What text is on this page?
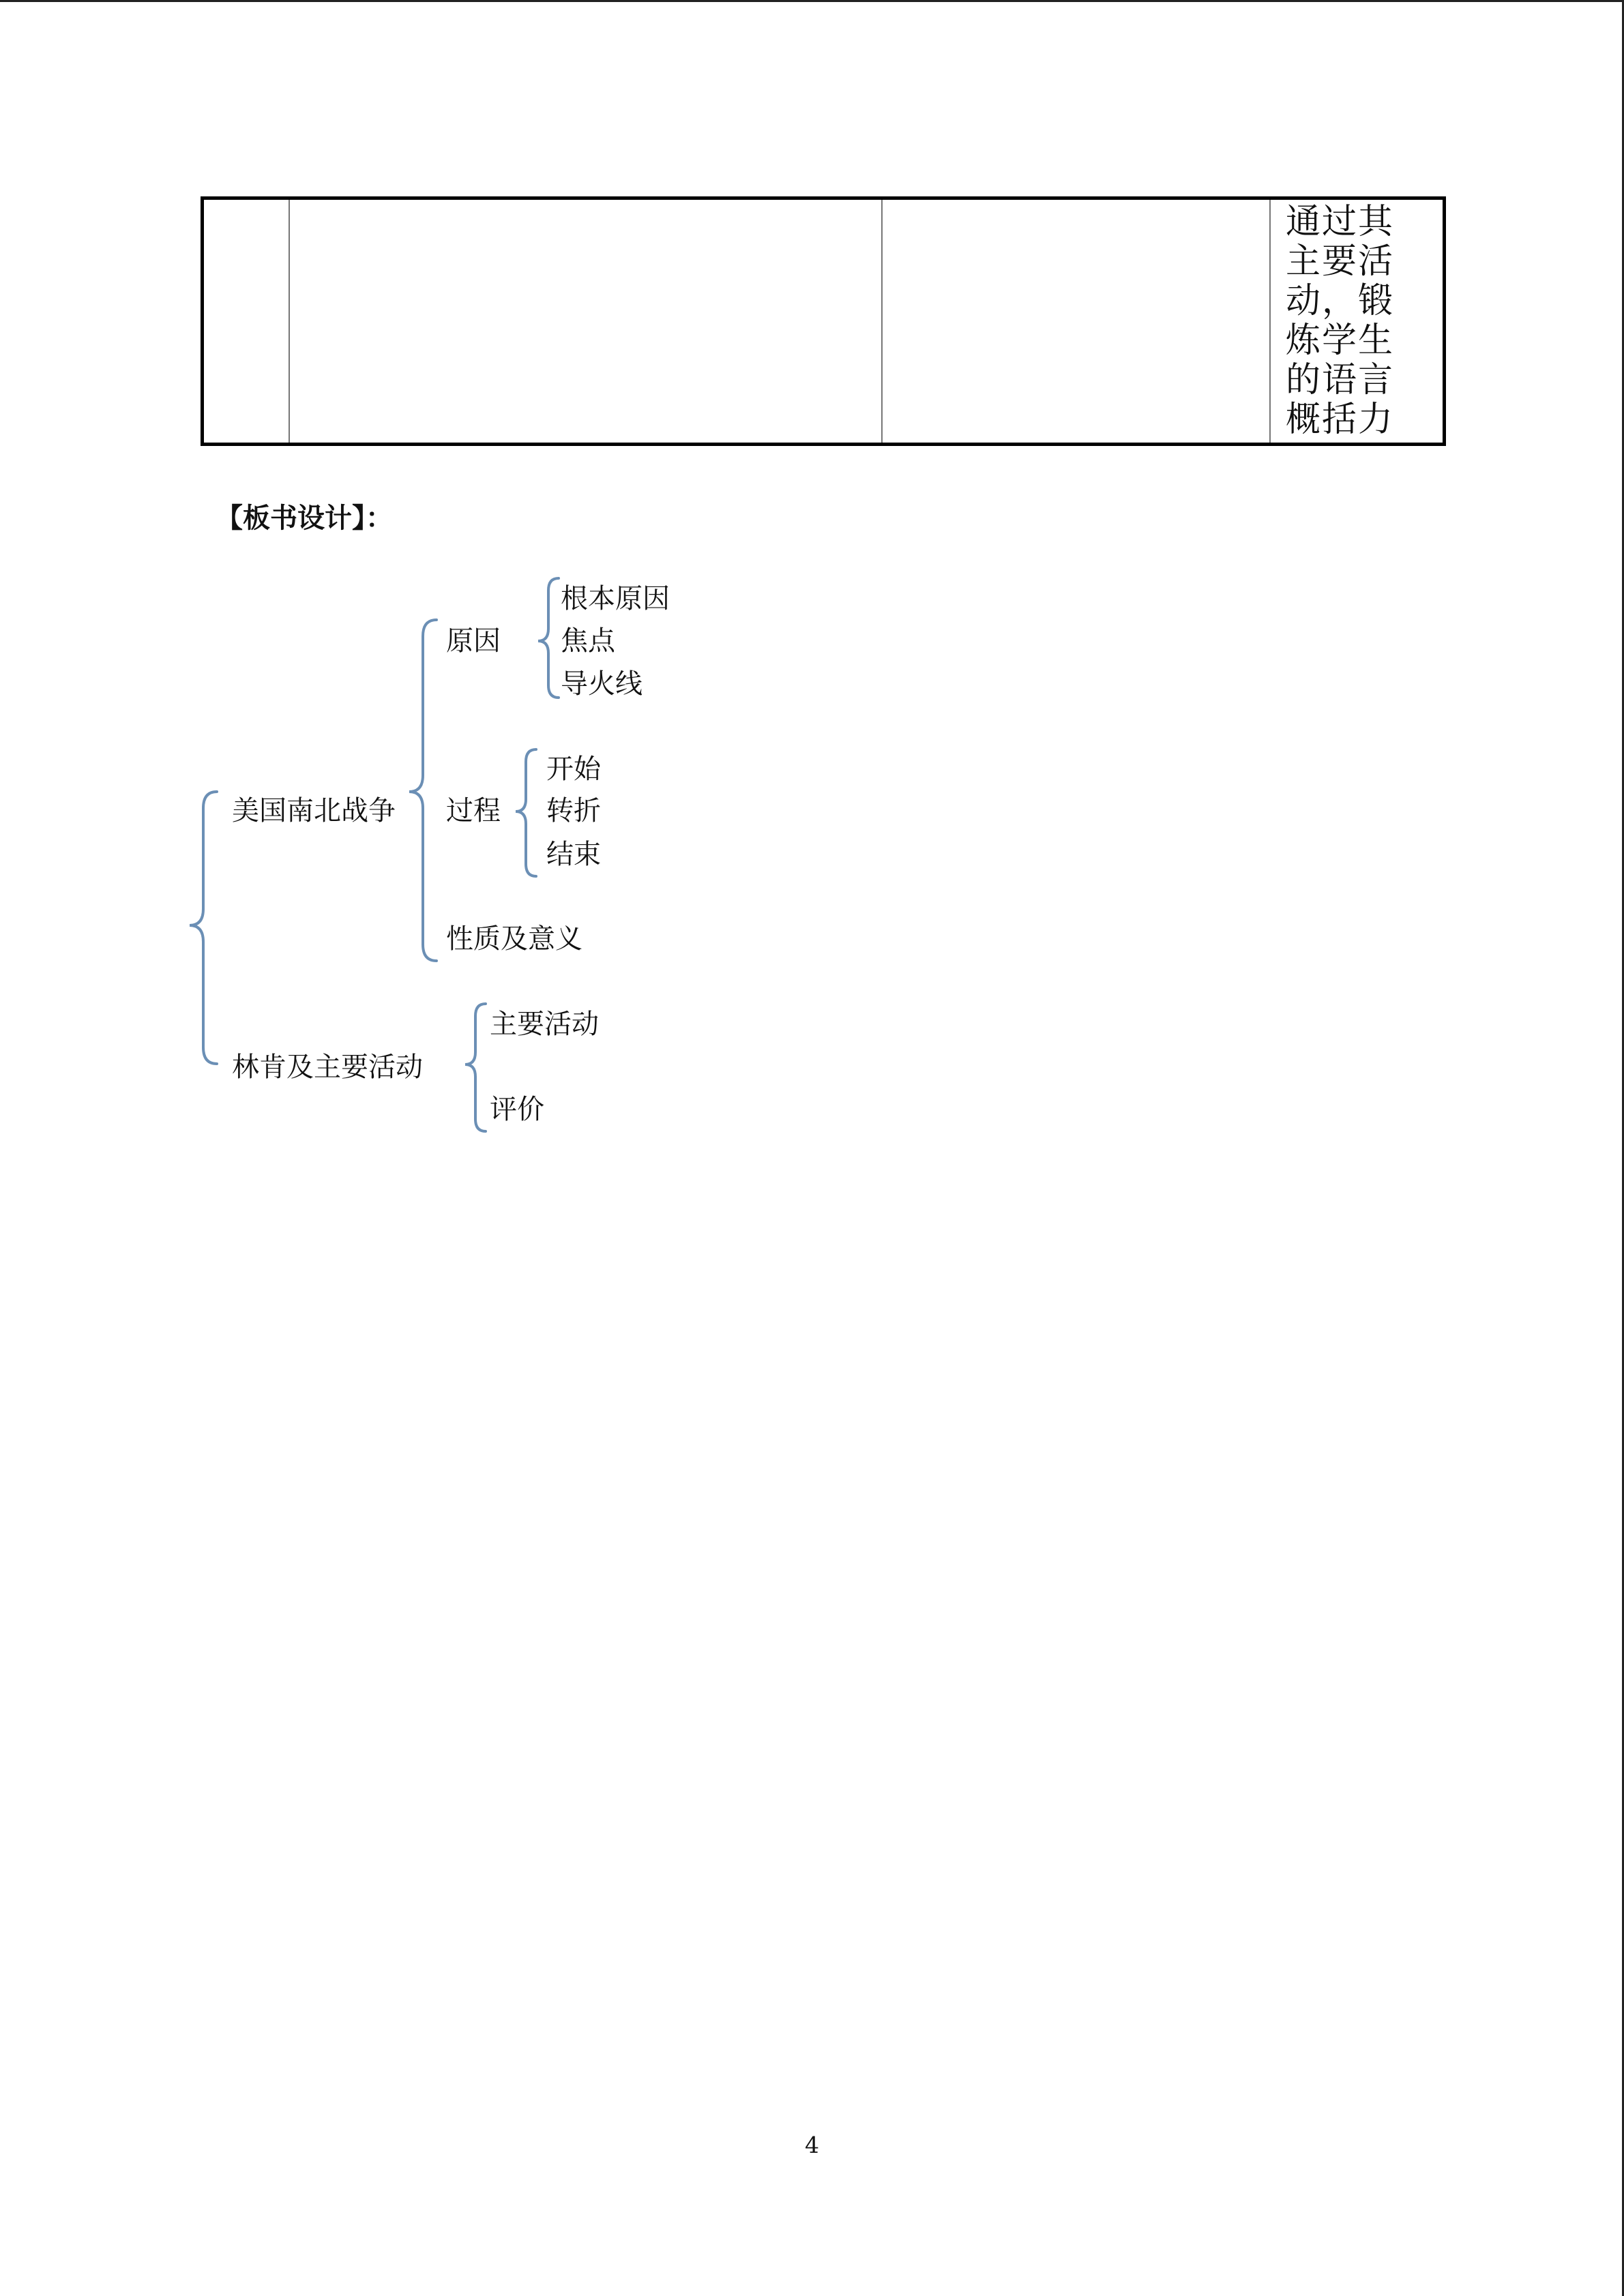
通过其
主要活
动，锻
炼学生
的语言
概括力
【板书设计】：
美国南北战争
林肯及主要活动
原因
过程
性质及意义
根本原因
焦点
导火线
开始
转折
结束
主要活动
评价
4
